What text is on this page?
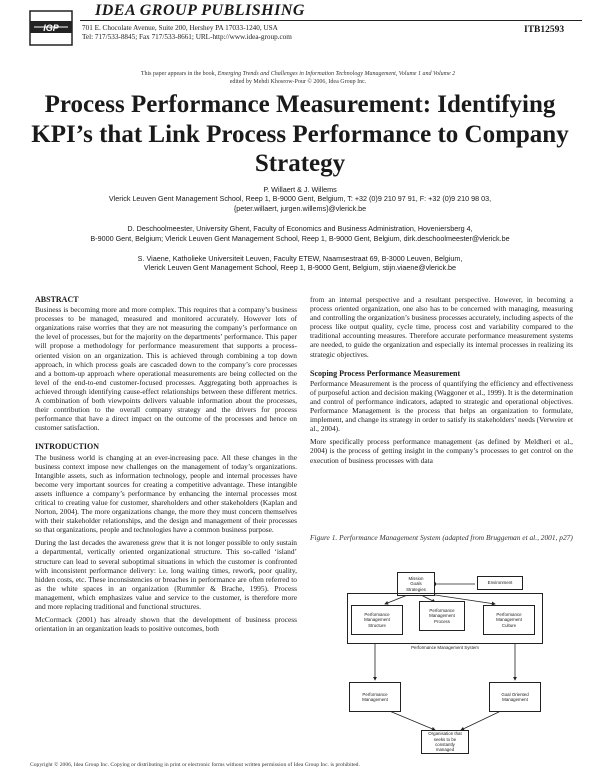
IGP
IDEA GROUP PUBLISHING
701 E. Chocolate Avenue, Suite 200, Hershey PA 17033-1240, USA
Tel: 717/533-8845; Fax 717/533-8661; URL-http://www.idea-group.com
ITB12593
This paper appears in the book, Emerging Trends and Challenges in Information Technology Management, Volume 1 and Volume 2
edited by Mehdi Khosrow-Pour © 2006, Idea Group Inc.
Process Performance Measurement: Identifying KPI’s that Link Process Performance to Company Strategy

P. Willaert & J. Willems
Vlerick Leuven Gent Management School, Reep 1, B-9000 Gent, Belgium, T: +32 (0)9 210 97 91, F: +32 (0)9 210 98 03,
{peter.willaert, jurgen.willems}@vlerick.be

D. Deschoolmeester, University Ghent, Faculty of Economics and Business Administration, Hoveniersberg 4,
B-9000 Gent, Belgium; Vlerick Leuven Gent Management School, Reep 1, B-9000 Gent, Belgium, dirk.deschoolmeester@vlerick.be

S. Viaene, Katholieke Universiteit Leuven, Faculty ETEW, Naamsestraat 69, B-3000 Leuven, Belgium,
Vlerick Leuven Gent Management School, Reep 1, B-9000 Gent, Belgium, stijn.viaene@vlerick.be

ABSTRACT

Business is becoming more and more complex. This requires that a company’s business processes to be managed, measured and monitored accurately. However lots of organizations raise worries that they are not measuring the company’s performance on the level of processes, but for the majority on the departments’ performance. This paper will propose a methodology for performance measurement that supports a process-oriented vision on an organization. This is achieved through combining a top down approach, in which process goals are cascaded down to the company’s core processes and a bottom-up approach where operational measurements are being collected on the level of the end-to-end customer-focused processes. Aggregating both approaches is achieved through identifying cause-effect relationships between these different metrics. A combination of both viewpoints delivers valuable information about the processes, their contribution to the overall company strategy and the drivers for process performance that have a direct impact on the outcome of the processes and hence on customer satisfaction.

INTRODUCTION

The business world is changing at an ever-increasing pace. All these changes in the business context impose new challenges on the management of today’s organizations. Intangible assets, such as information technology, people and internal processes have become very important sources for creating a competitive advantage. These intangible assets influence a company’s performance by enhancing the internal processes most critical to creating value for customer, shareholders and other stakeholders (Kaplan and Norton, 2004). The more organizations change, the more they must concern themselves with their stakeholder relationships, and the design and management of their processes so that organizations, people and technologies have a common business purpose.

During the last decades the awareness grew that it is not longer possible to only sustain a departmental, vertically oriented organizational structure. This so-called ‘island’ structure can lead to several suboptimal situations in which the customer is confronted with inconsistent performance delivery: i.e. long waiting times, rework, poor quality, hidden costs, etc. These inconsistencies or breaches in performance are often referred to as the white spaces in an organization (Rummler & Brache, 1995). Process management, which emphasizes value and service to the customer, is therefore more and more replacing traditional and functional structures.

McCormack (2001) has already shown that the development of business process orientation in an organization leads to positive outcomes, both

from an internal perspective and a resultant perspective. However, in becoming a process oriented organization, one also has to be concerned with managing, measuring and controlling the organization’s business processes accurately, including aspects of the process like output quality, cycle time, process cost and variability compared to the traditional accounting measures. Therefore accurate performance measurement systems are needed, to guide the organization and especially its internal processes in realizing its strategic objectives.

Scoping Process Performance Measurement

Performance Measurement is the process of quantifying the efficiency and effectiveness of purposeful action and decision making (Waggoner et al., 1999). It is the determination and control of performance indicators, adapted to strategic and operational objectives. Performance Management is the process that helps an organization to formulate, implement, and change its strategy in order to satisfy its stakeholders’ needs (Verweire et al., 2004).

More specifically process performance management (as defined by Meldheri et al., 2004) is the process of getting insight in the company’s processes to get control on the execution of business processes with data

Figure 1. Performance Management System (adapted from Bruggeman et al., 2001, p27)
Mission
Goals
Strategies
Environment
Performance
Management
Structure
Performance
Management
Process
Performance
Management
Culture
Performance Management System
Performance
Management
Goal Oriented
Management
Organisation that
seeks to be
constantly
managed
Copyright © 2006, Idea Group Inc. Copying or distributing in print or electronic forms without written permission of Idea Group Inc. is prohibited.
